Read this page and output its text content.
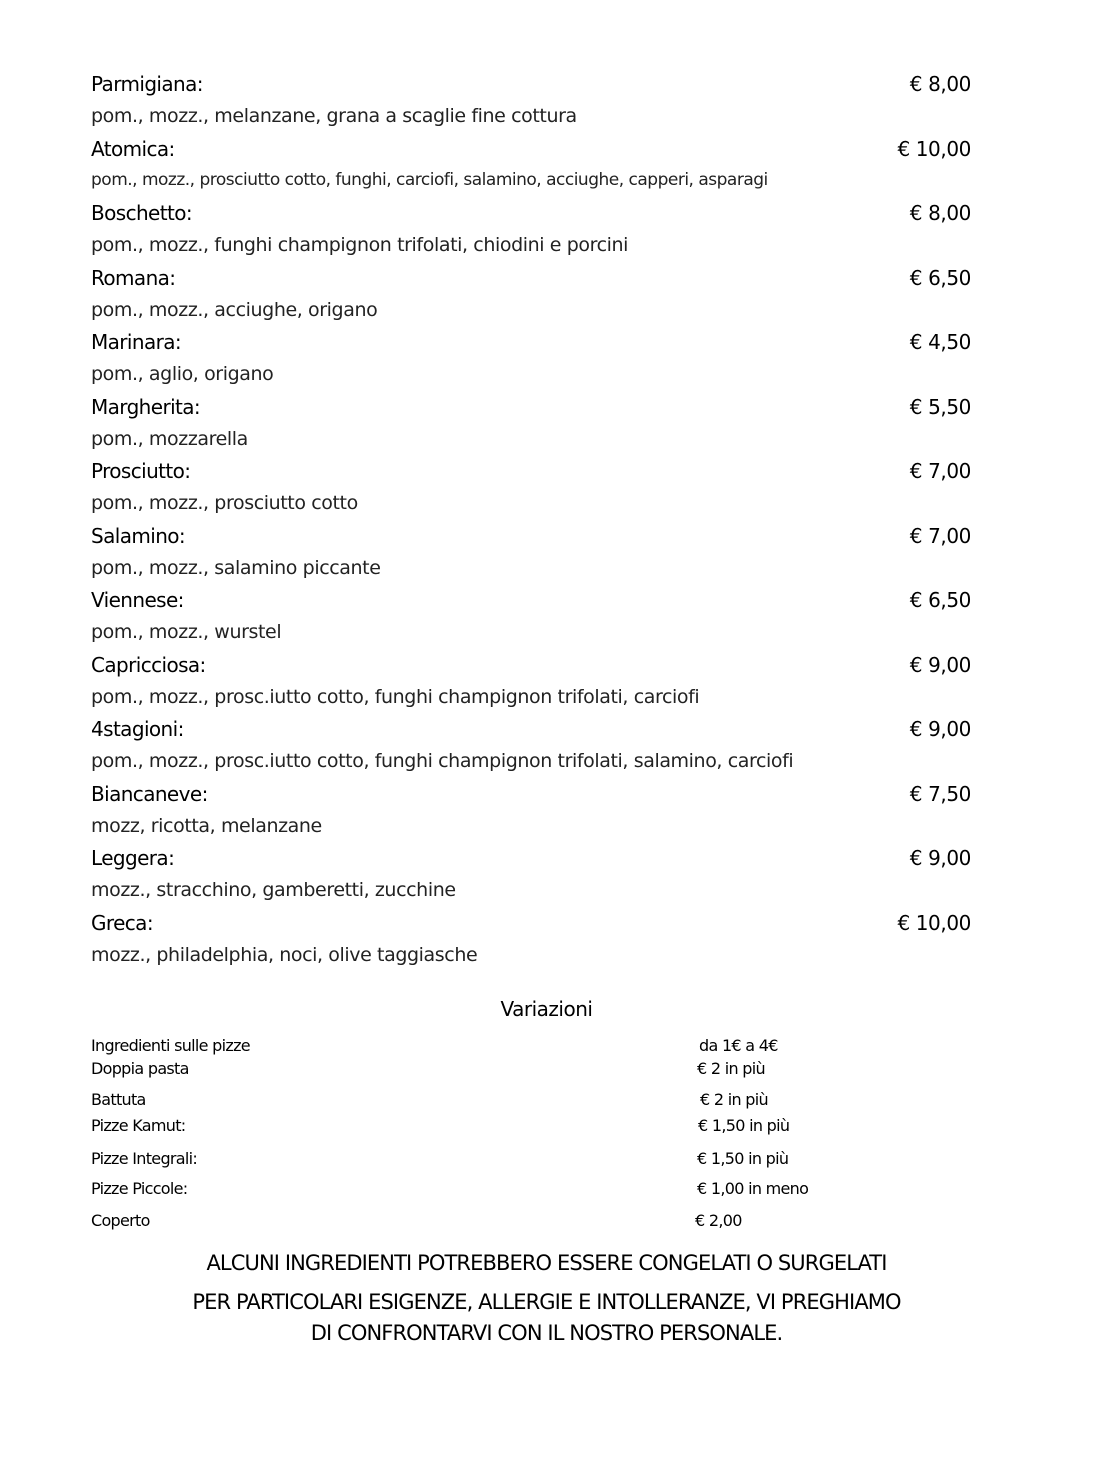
Parmigiana:	€ 8,00
pom., mozz., melanzane, grana a scaglie fine cottura
Atomica:	€ 10,00
pom., mozz., prosciutto cotto, funghi, carciofi, salamino, acciughe, capperi, asparagi
Boschetto:	€ 8,00
pom., mozz., funghi champignon trifolati, chiodini e porcini
Romana:	€ 6,50
pom., mozz., acciughe, origano
Marinara:	€ 4,50
pom., aglio, origano
Margherita:	€ 5,50
pom., mozzarella
Prosciutto:	€ 7,00
pom., mozz., prosciutto cotto
Salamino:	€ 7,00
pom., mozz., salamino piccante
Viennese:	€ 6,50
pom., mozz., wurstel
Capricciosa:	€ 9,00
pom., mozz., prosc.iutto cotto, funghi champignon trifolati, carciofi
4stagioni:	€ 9,00
pom., mozz., prosc.iutto cotto, funghi champignon trifolati, salamino, carciofi
Biancaneve:	€ 7,50
mozz, ricotta, melanzane
Leggera:	€ 9,00
mozz., stracchino, gamberetti, zucchine
Greca:	€ 10,00
mozz., philadelphia, noci, olive taggiasche
Variazioni
Ingredienti sulle pizze	da 1€ a 4€
Doppia pasta	€ 2 in più
Battuta	€ 2 in più
Pizze Kamut:	€ 1,50 in più
Pizze Integrali:	€ 1,50 in più
Pizze Piccole:	€ 1,00 in meno
Coperto	€ 2,00
ALCUNI INGREDIENTI POTREBBERO ESSERE CONGELATI O SURGELATI
PER PARTICOLARI ESIGENZE, ALLERGIE E INTOLLERANZE, VI PREGHIAMO
DI CONFRONTARVI CON IL NOSTRO PERSONALE.
